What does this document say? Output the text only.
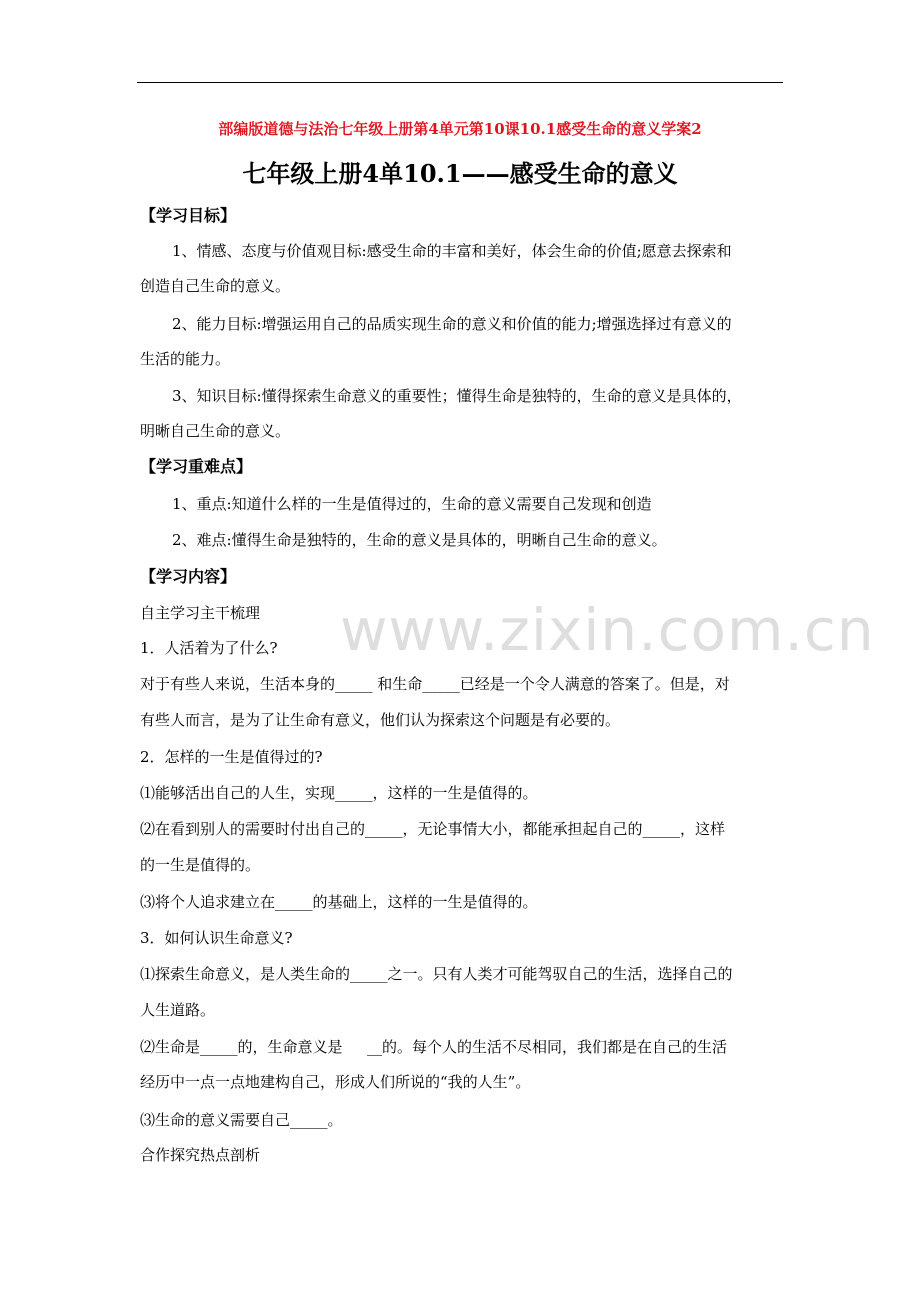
部编版道德与法治七年级上册第4单元第10课10.1感受生命的意义学案2
七年级上册4单10.1——感受生命的意义
www.zixin.com.cn
【学习目标】
1、情感、态度与价值观目标:感受生命的丰富和美好，体会生命的价值;愿意去探索和
创造自己生命的意义。
2、能力目标:增强运用自己的品质实现生命的意义和价值的能力;增强选择过有意义的
生活的能力。
3、知识目标:懂得探索生命意义的重要性；懂得生命是独特的，生命的意义是具体的，
明晰自己生命的意义。
【学习重难点】
1、重点:知道什么样的一生是值得过的，生命的意义需要自己发现和创造
2、难点:懂得生命是独特的，生命的意义是具体的，明晰自己生命的意义。
【学习内容】
自主学习主干梳理
1．人活着为了什么?
对于有些人来说，生活本身的_____ 和生命_____已经是一个令人满意的答案了。但是，对
有些人而言，是为了让生命有意义，他们认为探索这个问题是有必要的。
2．怎样的一生是值得过的?
⑴能够活出自己的人生，实现_____，这样的一生是值得的。
⑵在看到别人的需要时付出自己的_____，无论事情大小，都能承担起自己的_____，这样
的一生是值得的。
⑶将个人追求建立在_____的基础上，这样的一生是值得的。
3．如何认识生命意义?
⑴探索生命意义，是人类生命的_____之一。只有人类才可能驾驭自己的生活，选择自己的
人生道路。
⑵生命是_____的，生命意义是 　 __的。每个人的生活不尽相同，我们都是在自己的生活
经历中一点一点地建构自己，形成人们所说的“我的人生”。
⑶生命的意义需要自己_____。
合作探究热点剖析
